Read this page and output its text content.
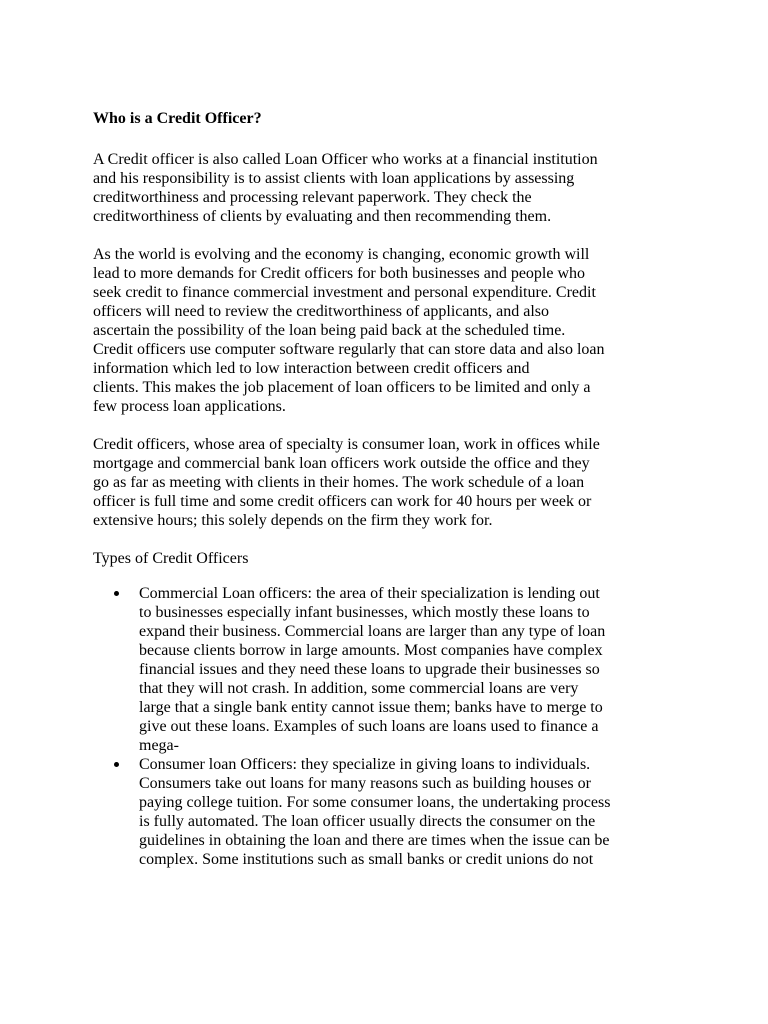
Who is a Credit Officer?
A Credit officer is also called Loan Officer who works at a financial institution
and his responsibility is to assist clients with loan applications by assessing
creditworthiness and processing relevant paperwork. They check the
creditworthiness of clients by evaluating and then recommending them.
As the world is evolving and the economy is changing, economic growth will
lead to more demands for Credit officers for both businesses and people who
seek credit to finance commercial investment and personal expenditure. Credit
officers will need to review the creditworthiness of applicants, and also
ascertain the possibility of the loan being paid back at the scheduled time.
Credit officers use computer software regularly that can store data and also loan
information which led to low interaction between credit officers and
clients. This makes the job placement of loan officers to be limited and only a
few process loan applications.
Credit officers, whose area of specialty is consumer loan, work in offices while
mortgage and commercial bank loan officers work outside the office and they
go as far as meeting with clients in their homes. The work schedule of a loan
officer is full time and some credit officers can work for 40 hours per week or
extensive hours; this solely depends on the firm they work for.
Types of Credit Officers
Commercial Loan officers: the area of their specialization is lending out
to businesses especially infant businesses, which mostly these loans to
expand their business. Commercial loans are larger than any type of loan
because clients borrow in large amounts. Most companies have complex
financial issues and they need these loans to upgrade their businesses so
that they will not crash. In addition, some commercial loans are very
large that a single bank entity cannot issue them; banks have to merge to
give out these loans. Examples of such loans are loans used to finance a
mega-
Consumer loan Officers: they specialize in giving loans to individuals.
Consumers take out loans for many reasons such as building houses or
paying college tuition. For some consumer loans, the undertaking process
is fully automated. The loan officer usually directs the consumer on the
guidelines in obtaining the loan and there are times when the issue can be
complex. Some institutions such as small banks or credit unions do not
